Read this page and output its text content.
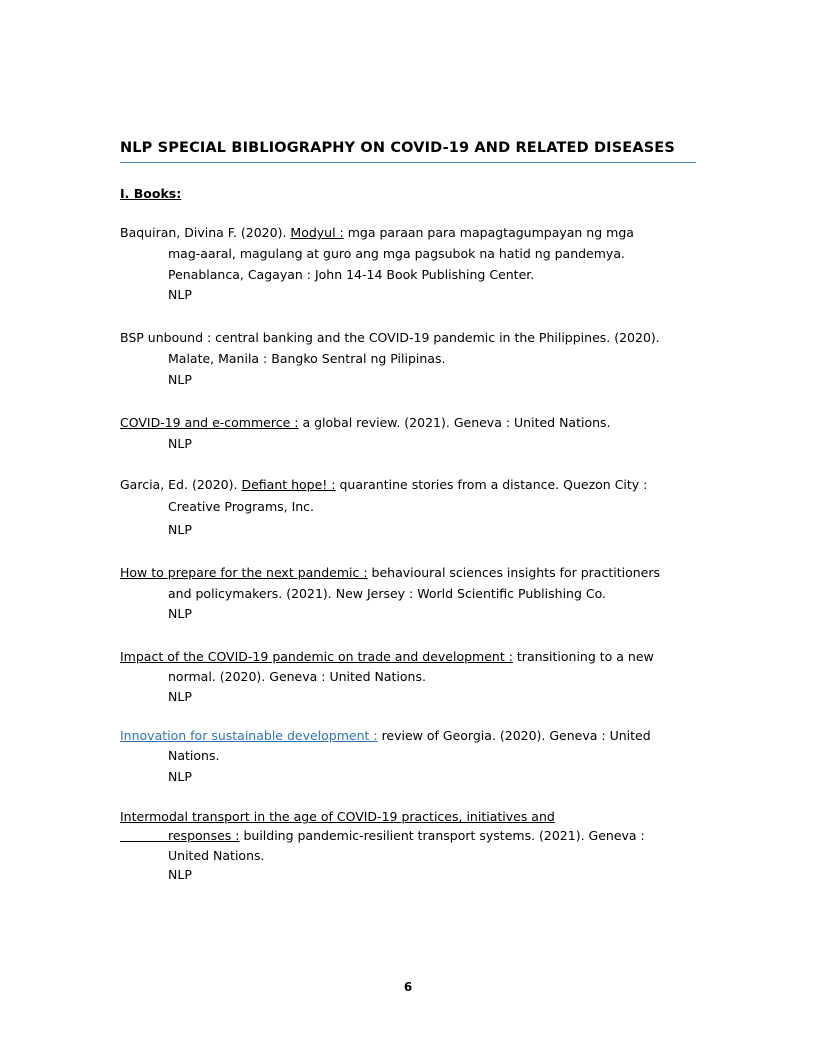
NLP SPECIAL BIBLIOGRAPHY ON COVID-19 AND RELATED DISEASES
I. Books:
Baquiran, Divina F. (2020). Modyul : mga paraan para mapagtagumpayan ng mga
mag-aaral, magulang at guro ang mga pagsubok na hatid ng pandemya.
Penablanca, Cagayan : John 14-14 Book Publishing Center.
NLP
BSP unbound : central banking and the COVID-19 pandemic in the Philippines. (2020).
Malate, Manila : Bangko Sentral ng Pilipinas.
NLP
COVID-19 and e-commerce : a global review. (2021). Geneva : United Nations.
NLP
Garcia, Ed. (2020). Defiant hope! : quarantine stories from a distance. Quezon City :
Creative Programs, Inc.
NLP
How to prepare for the next pandemic : behavioural sciences insights for practitioners
and policymakers. (2021). New Jersey : World Scientific Publishing Co.
NLP
Impact of the COVID-19 pandemic on trade and development : transitioning to a new
normal. (2020). Geneva : United Nations.
NLP
Innovation for sustainable development : review of Georgia. (2020). Geneva : United
Nations.
NLP
Intermodal transport in the age of COVID-19 practices, initiatives and
responses : building pandemic-resilient transport systems. (2021). Geneva :
United Nations.
NLP
6
